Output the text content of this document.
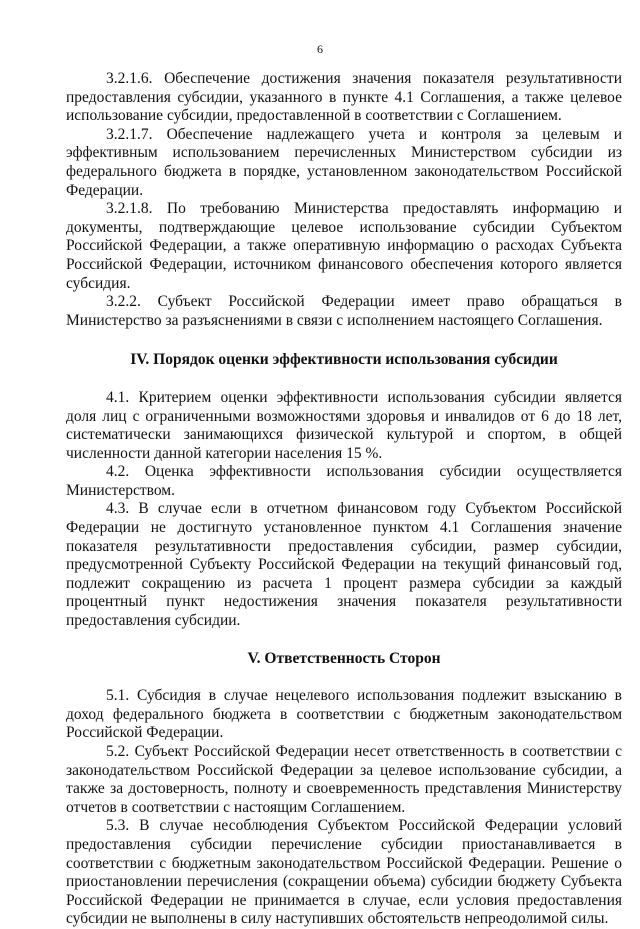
6

3.2.1.6. Обеспечение достижения значения показателя результативности предоставления субсидии, указанного в пункте 4.1 Соглашения, а также целевое использование субсидии, предоставленной в соответствии с Соглашением.

3.2.1.7. Обеспечение надлежащего учета и контроля за целевым и эффективным использованием перечисленных Министерством субсидии из федерального бюджета в порядке, установленном законодательством Российской Федерации.

3.2.1.8. По требованию Министерства предоставлять информацию и документы, подтверждающие целевое использование субсидии Субъектом Российской Федерации, а также оперативную информацию о расходах Субъекта Российской Федерации, источником финансового обеспечения которого является субсидия.

3.2.2. Субъект Российской Федерации имеет право обращаться в Министерство за разъяснениями в связи с исполнением настоящего Соглашения.

IV. Порядок оценки эффективности использования субсидии

4.1. Критерием оценки эффективности использования субсидии является доля лиц с ограниченными возможностями здоровья и инвалидов от 6 до 18 лет, систематически занимающихся физической культурой и спортом, в общей численности данной категории населения 15 %.

4.2. Оценка эффективности использования субсидии осуществляется Министерством.

4.3. В случае если в отчетном финансовом году Субъектом Российской Федерации не достигнуто установленное пунктом 4.1 Соглашения значение показателя результативности предоставления субсидии, размер субсидии, предусмотренной Субъекту Российской Федерации на текущий финансовый год, подлежит сокращению из расчета 1 процент размера субсидии за каждый процентный пункт недостижения значения показателя результативности предоставления субсидии.

V. Ответственность Сторон

5.1. Субсидия в случае нецелевого использования подлежит взысканию в доход федерального бюджета в соответствии с бюджетным законодательством Российской Федерации.

5.2. Субъект Российской Федерации несет ответственность в соответствии с законодательством Российской Федерации за целевое использование субсидии, а также за достоверность, полноту и своевременность представления Министерству отчетов в соответствии с настоящим Соглашением.

5.3. В случае несоблюдения Субъектом Российской Федерации условий предоставления субсидии перечисление субсидии приостанавливается в соответствии с бюджетным законодательством Российской Федерации. Решение о приостановлении перечисления (сокращении объема) субсидии бюджету Субъекта Российской Федерации не принимается в случае, если условия предоставления субсидии не выполнены в силу наступивших обстоятельств непреодолимой силы.
